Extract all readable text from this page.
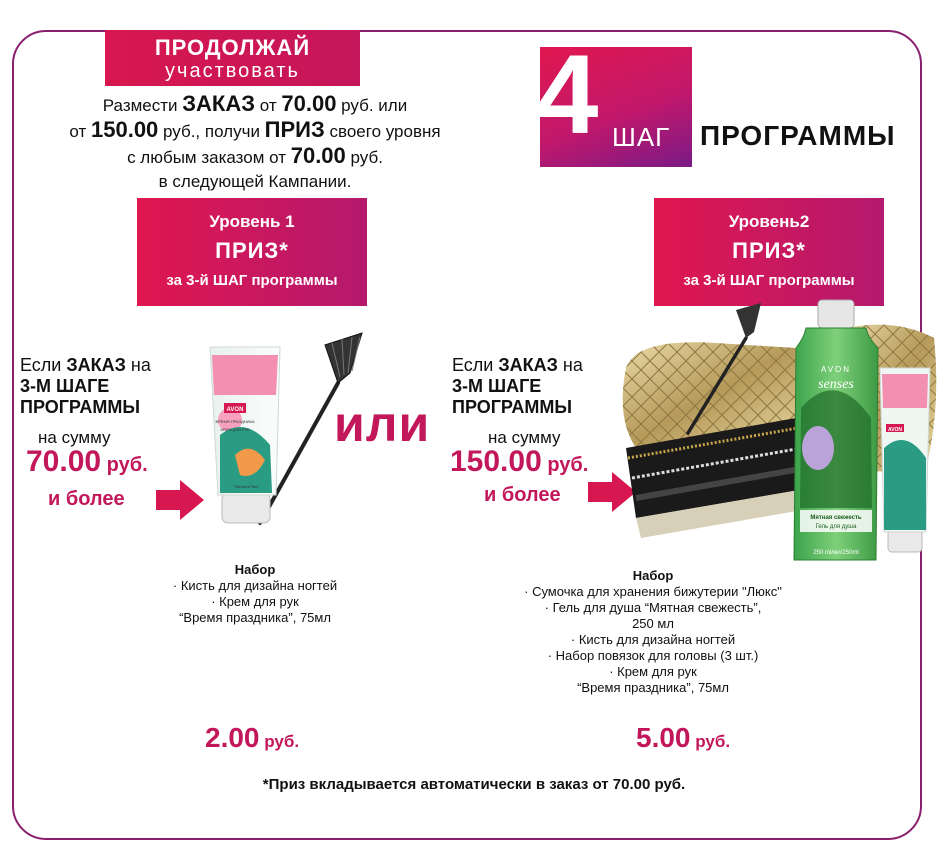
ПРОДОЛЖАЙ
участвовать
Размести ЗАКАЗ от 70.00 руб. или
от 150.00 руб., получи ПРИЗ своего уровня
с любым заказом от 70.00 руб.
в следующей Кампании.
4 ШАГ ПРОГРАММЫ
Уровень 1
ПРИЗ*
за 3-й ШАГ программы
Уровень2
ПРИЗ*
за 3-й ШАГ программы
Если ЗАКАЗ на
3-М ШАГЕ
ПРОГРАММЫ
на сумму
70.00 руб.
и более
AVON
ВРЕМЯ ПРАЗДНИКА
КРЕМ ДЛЯ РУК
75ml/мл/75ml
или
Если ЗАКАЗ на
3-М ШАГЕ
ПРОГРАММЫ
на сумму
150.00 руб.
и более
AVON
senses
Мятная свежесть
Гель для душа
250 ml/мл/250ml
AVON
Набор
· Кисть для дизайна ногтей
· Крем для рук
“Время праздника”, 75мл
Набор
· Сумочка для хранения бижутерии "Люкс"
· Гель для душа “Мятная свежесть”,
250 мл
· Кисть для дизайна ногтей
· Набор повязок для головы (3 шт.)
· Крем для рук
“Время праздника”, 75мл
2.00 руб.	5.00 руб.
*Приз вкладывается автоматически в заказ от 70.00 руб.
